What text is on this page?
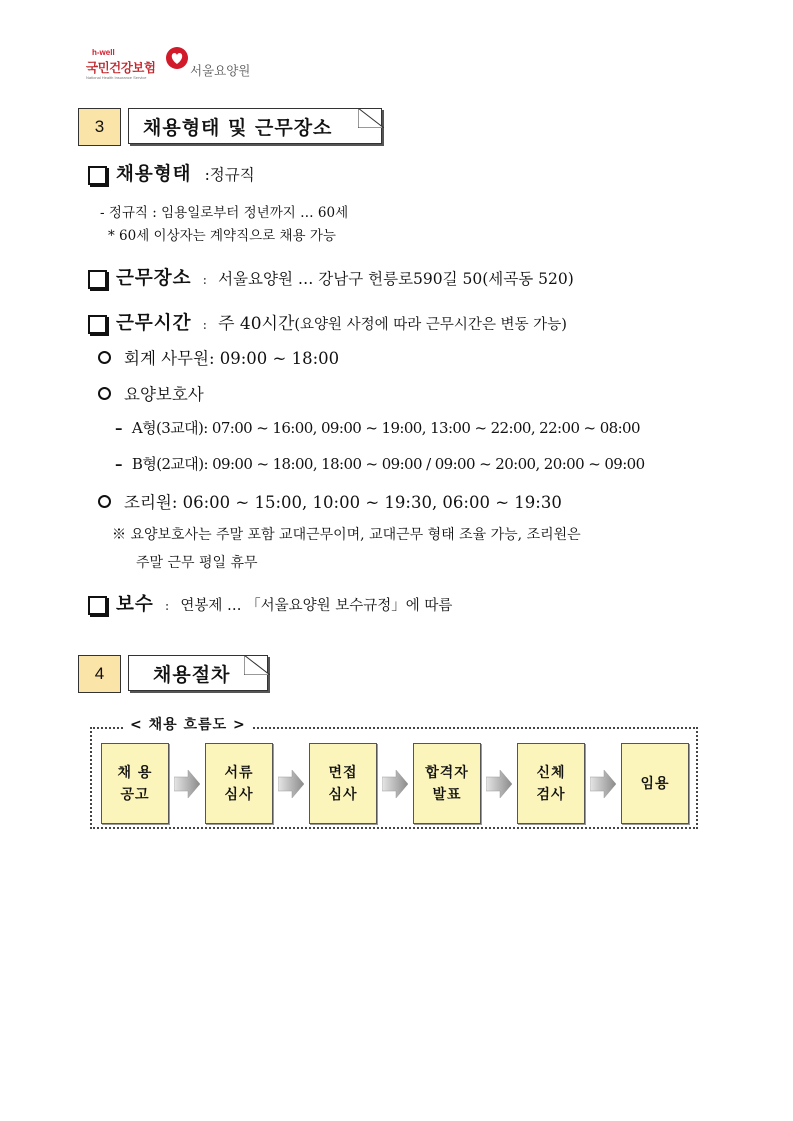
h-well
국민건강보험
National Health Insurance Service	서울요양원
3	채용형태 및 근무장소
채용형태 :정규직
- 정규직 : 임용일로부터 정년까지 … 60세
* 60세 이상자는 계약직으로 채용 가능
근무장소 : 서울요양원 … 강남구 헌릉로590길 50(세곡동 520)
근무시간 : 주 40시간(요양원 사정에 따라 근무시간은 변동 가능)
회계 사무원: 09:00 ~ 18:00
요양보호사
– A형(3교대): 07:00 ~ 16:00, 09:00 ~ 19:00, 13:00 ~ 22:00, 22:00 ~ 08:00
– B형(2교대): 09:00 ~ 18:00, 18:00 ~ 09:00 / 09:00 ~ 20:00, 20:00 ~ 09:00
조리원: 06:00 ~ 15:00, 10:00 ~ 19:30, 06:00 ~ 19:30
※ 요양보호사는 주말 포함 교대근무이며, 교대근무 형태 조율 가능, 조리원은
주말 근무 평일 휴무
보수 : 연봉제 … 「서울요양원 보수규정」에 따름
4	채용절차
< 채용 흐름도 >
채 용
공고
서류
심사
면접
심사
합격자
발표
신체
검사
임용
